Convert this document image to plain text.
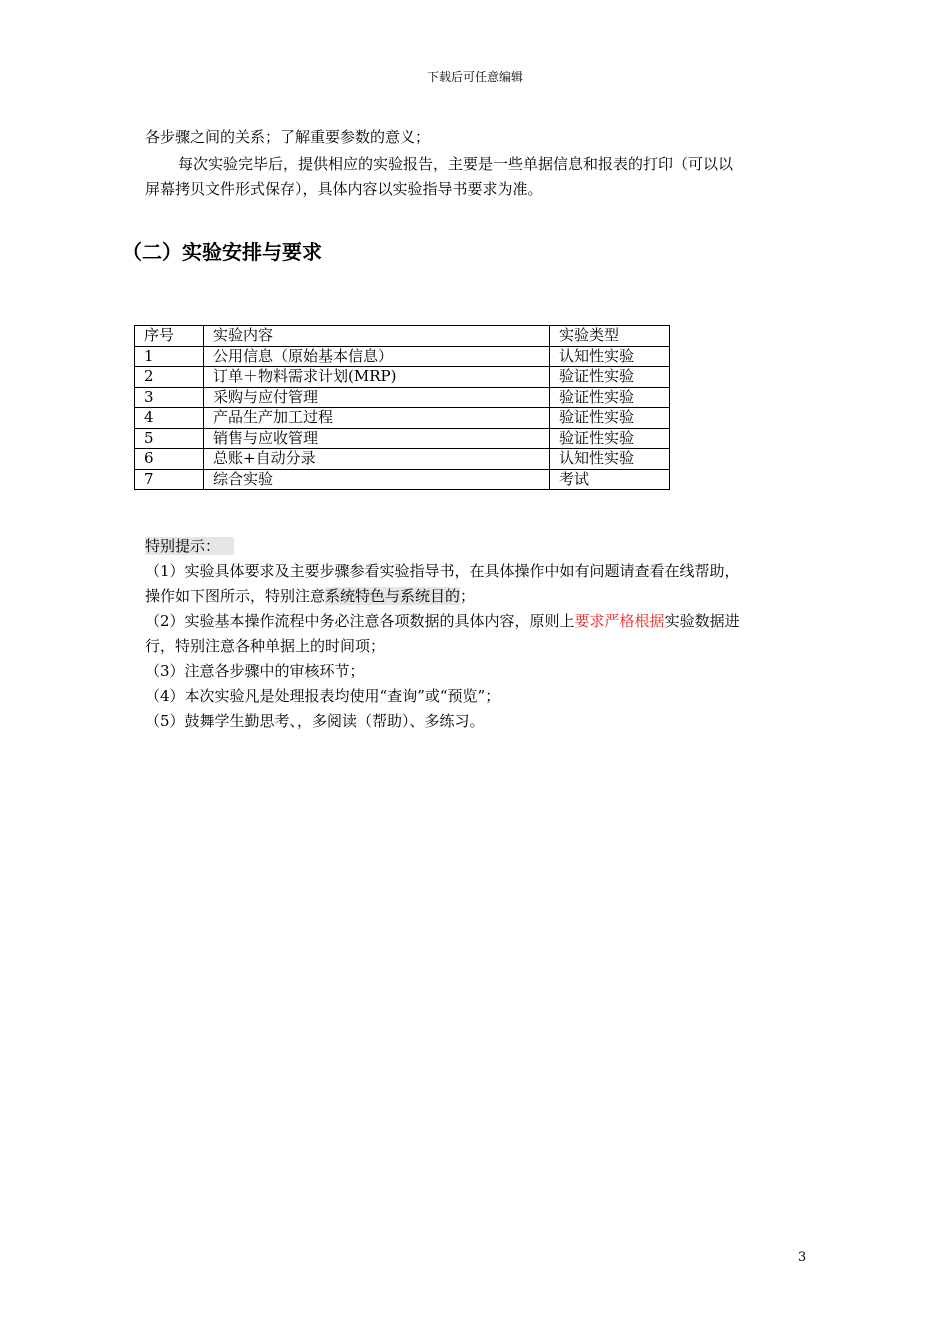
下载后可任意编辑
各步骤之间的关系；了解重要参数的意义；
每次实验完毕后，提供相应的实验报告，主要是一些单据信息和报表的打印（可以以
屏幕拷贝文件形式保存），具体内容以实验指导书要求为准。
（二）实验安排与要求
序号	实验内容	实验类型
1	公用信息（原始基本信息）	认知性实验
2	订单＋物料需求计划(MRP)	验证性实验
3	采购与应付管理	验证性实验
4	产品生产加工过程	验证性实验
5	销售与应收管理	验证性实验
6	总账+自动分录	认知性实验
7	综合实验	考试
特别提示：
（1）实验具体要求及主要步骤参看实验指导书，在具体操作中如有问题请查看在线帮助，
操作如下图所示，特别注意系统特色与系统目的；
（2）实验基本操作流程中务必注意各项数据的具体内容，原则上要求严格根据实验数据进
行，特别注意各种单据上的时间项；
（3）注意各步骤中的审核环节；
（4）本次实验凡是处理报表均使用“查询”或“预览”；
（5）鼓舞学生勤思考、，多阅读（帮助）、多练习。
3
